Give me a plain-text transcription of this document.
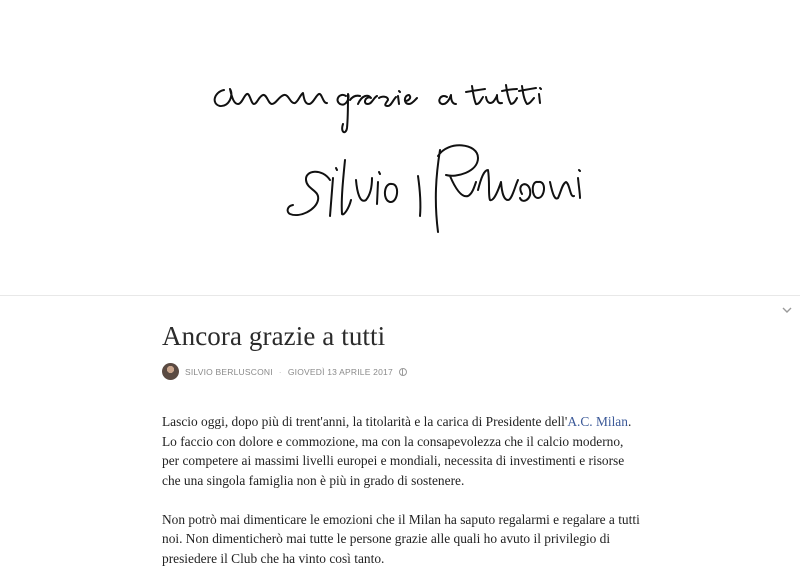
Ancora grazie a tutti
SILVIO BERLUSCONI · GIOVEDÌ 13 APRILE 2017

Lascio oggi, dopo più di trent'anni, la titolarità e la carica di Presidente dell'A.C. Milan. Lo faccio con dolore e commozione, ma con la consapevolezza che il calcio moderno, per competere ai massimi livelli europei e mondiali, necessita di investimenti e risorse che una singola famiglia non è più in grado di sostenere.

Non potrò mai dimenticare le emozioni che il Milan ha saputo regalarmi e regalare a tutti noi. Non dimenticherò mai tutte le persone grazie alle quali ho avuto il privilegio di presiedere il Club che ha vinto così tanto.
